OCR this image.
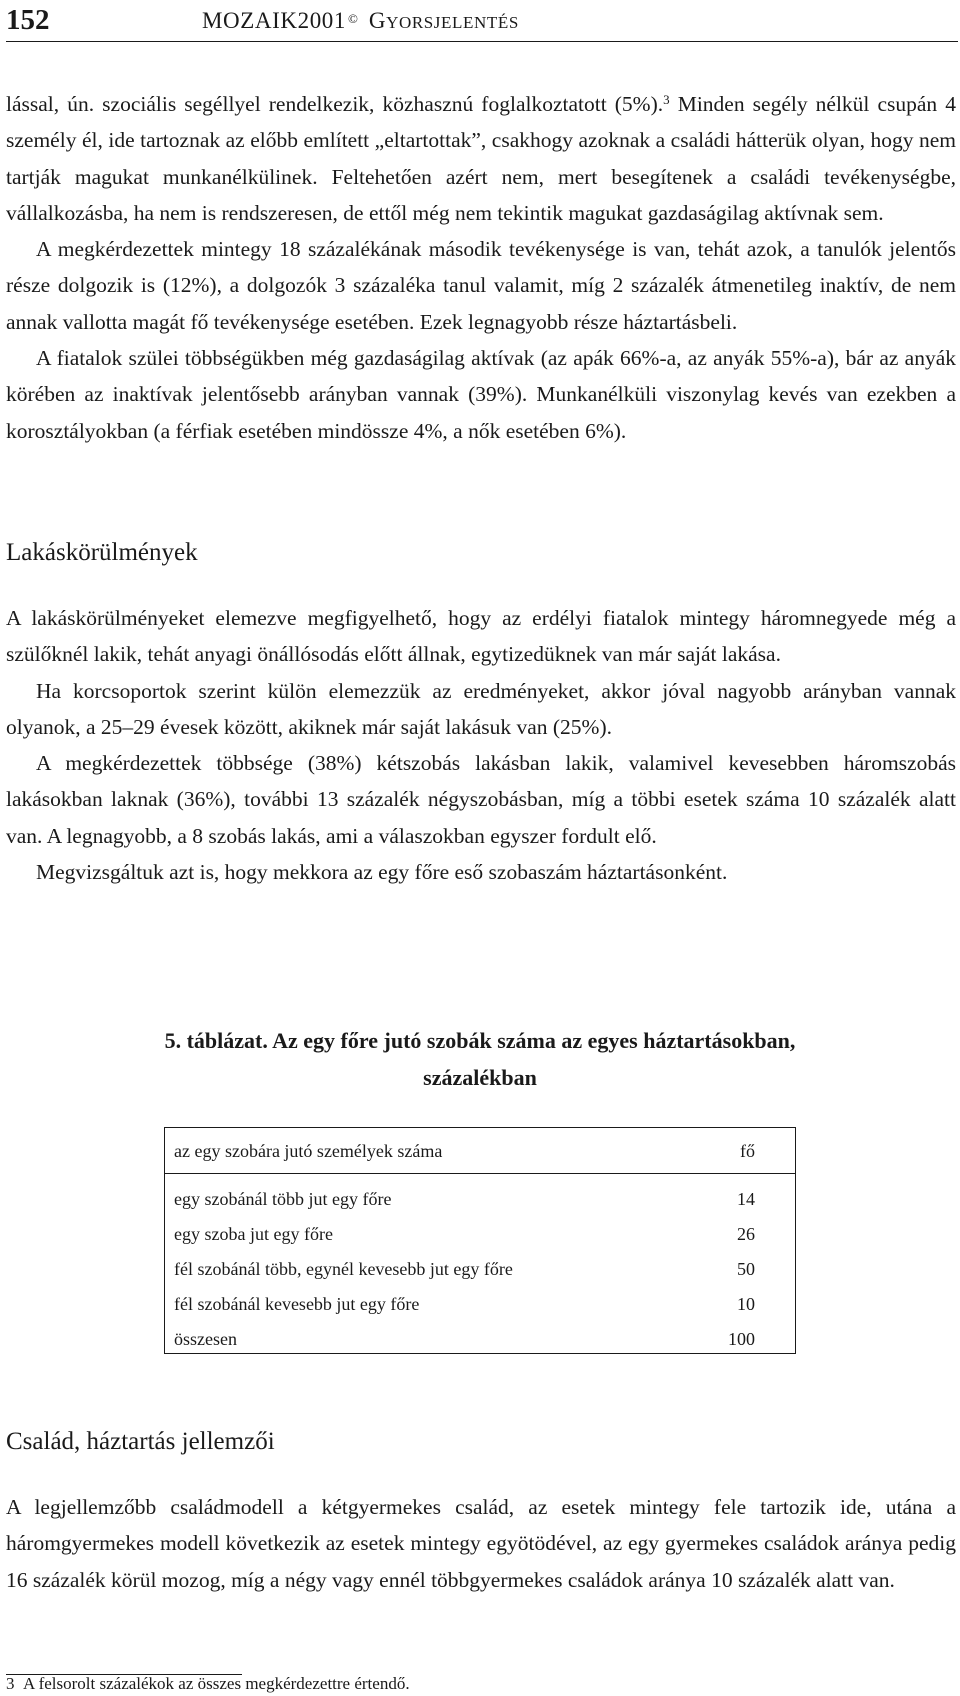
152	MOZAIK2001 © GYORSJELENTÉS

lással, ún. szociális segéllyel rendelkezik, közhasznú foglalkoztatott (5%).$^3$ Minden segély nélkül csupán 4 személy él, ide tartoznak az előbb említett „eltartottak”, csakhogy azoknak a családi hátterük olyan, hogy nem tartják magukat munkanélkülinek. Feltehetően azért nem, mert besegítenek a családi tevékenységbe, vállalkozásba, ha nem is rendszeresen, de ettől még nem tekintik magukat gazdaságilag aktívnak sem.

A megkérdezettek mintegy 18 százalékának második tevékenysége is van, tehát azok, a tanulók jelentős része dolgozik is (12%), a dolgozók 3 százaléka tanul valamit, míg 2 százalék átmenetileg inaktív, de nem annak vallotta magát fő tevékenysége esetében. Ezek legnagyobb része háztartásbeli.

A fiatalok szülei többségükben még gazdaságilag aktívak (az apák 66%-a, az anyák 55%-a), bár az anyák körében az inaktívak jelentősebb arányban vannak (39%). Munkanélküli viszonylag kevés van ezekben a korosztályokban (a férfiak esetében mindössze 4%, a nők esetében 6%).

Lakáskörülmények

A lakáskörülményeket elemezve megfigyelhető, hogy az erdélyi fiatalok mintegy háromnegyede még a szülőknél lakik, tehát anyagi önállósodás előtt állnak, egytizedüknek van már saját lakása.

Ha korcsoportok szerint külön elemezzük az eredményeket, akkor jóval nagyobb arányban vannak olyanok, a 25–29 évesek között, akiknek már saját lakásuk van (25%).

A megkérdezettek többsége (38%) kétszobás lakásban lakik, valamivel kevesebben háromszobás lakásokban laknak (36%), további 13 százalék négyszobásban, míg a többi esetek száma 10 százalék alatt van. A legnagyobb, a 8 szobás lakás, ami a válaszokban egyszer fordult elő.

Megvizsgáltuk azt is, hogy mekkora az egy főre eső szobaszám háztartásonként.

5. táblázat. Az egy főre jutó szobák száma az egyes háztartásokban,
százalékban
az egy szobára jutó személyek száma	fő
egy szobánál több jut egy főre	14
egy szoba jut egy főre	26
fél szobánál több, egynél kevesebb jut egy főre	50
fél szobánál kevesebb jut egy főre	10
összesen	100
Család, háztartás jellemzői

A legjellemzőbb családmodell a kétgyermekes család, az esetek mintegy fele tartozik ide, utána a háromgyermekes modell következik az esetek mintegy egyötödével, az egy gyermekes családok aránya pedig 16 százalék körül mozog, míg a négy vagy ennél többgyermekes családok aránya 10 százalék alatt van.

3 A felsorolt százalékok az összes megkérdezettre értendő.
